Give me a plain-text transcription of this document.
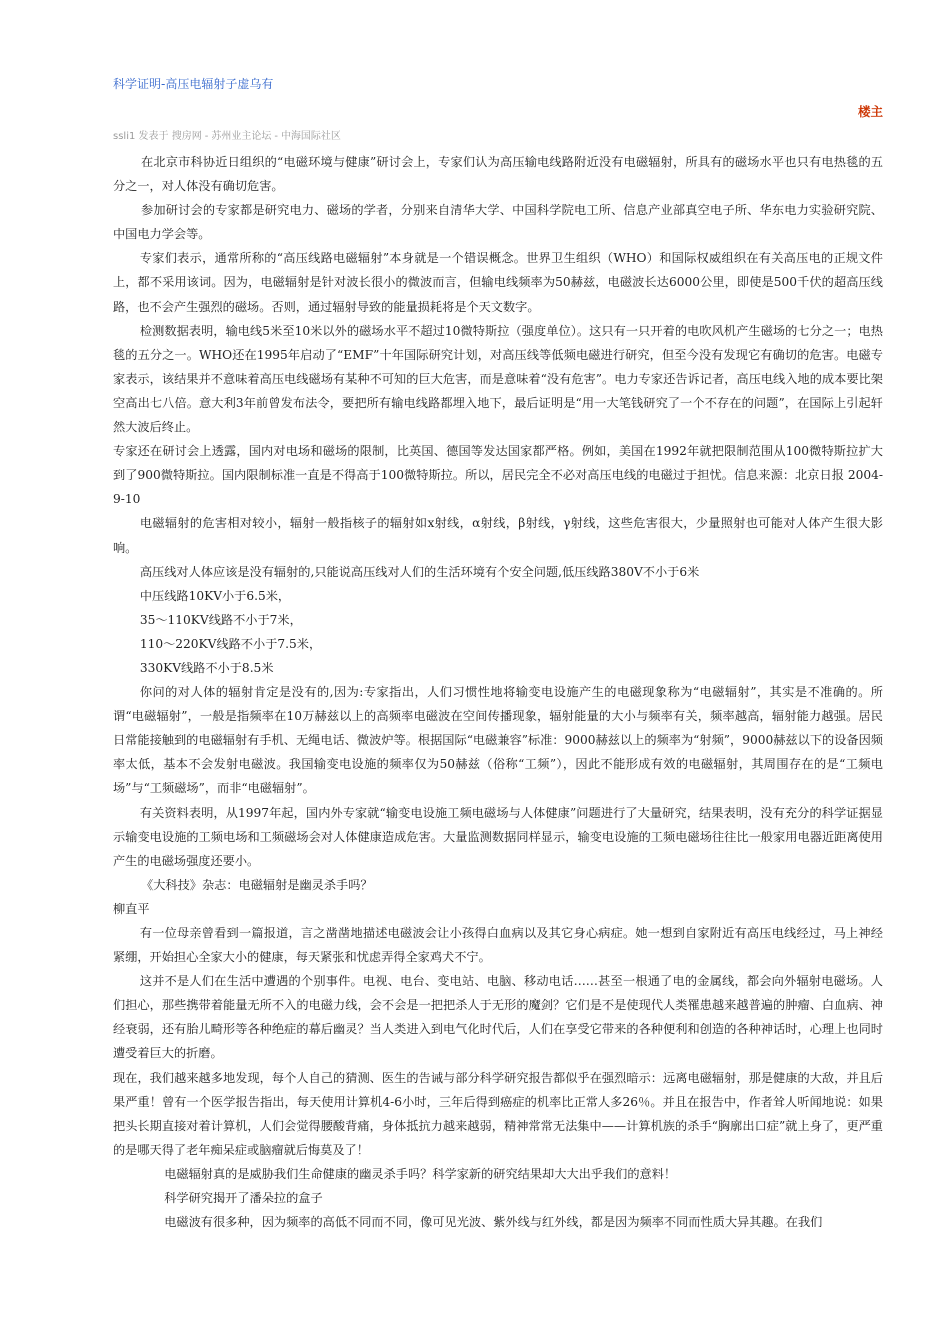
科学证明-高压电辐射子虚乌有

楼主
ssli1 发表于 搜房网 - 苏州业主论坛 - 中海国际社区

在北京市科协近日组织的“电磁环境与健康”研讨会上，专家们认为高压输电线路附近没有电磁辐射，所具有的磁场水平也只有电热毯的五分之一，对人体没有确切危害。

参加研讨会的专家都是研究电力、磁场的学者，分别来自清华大学、中国科学院电工所、信息产业部真空电子所、华东电力实验研究院、中国电力学会等。

专家们表示，通常所称的“高压线路电磁辐射”本身就是一个错误概念。世界卫生组织（WHO）和国际权威组织在有关高压电的正规文件上，都不采用该词。因为，电磁辐射是针对波长很小的微波而言，但输电线频率为50赫兹，电磁波长达6000公里，即使是500千伏的超高压线路，也不会产生强烈的磁场。否则，通过辐射导致的能量损耗将是个天文数字。

检测数据表明，输电线5米至10米以外的磁场水平不超过10微特斯拉（强度单位）。这只有一只开着的电吹风机产生磁场的七分之一；电热毯的五分之一。WHO还在1995年启动了“EMF”十年国际研究计划，对高压线等低频电磁进行研究，但至今没有发现它有确切的危害。电磁专家表示，该结果并不意味着高压电线磁场有某种不可知的巨大危害，而是意味着“没有危害”。电力专家还告诉记者，高压电线入地的成本要比架空高出七八倍。意大利3年前曾发布法令，要把所有输电线路都埋入地下，最后证明是“用一大笔钱研究了一个不存在的问题”，在国际上引起轩然大波后终止。

专家还在研讨会上透露，国内对电场和磁场的限制，比英国、德国等发达国家都严格。例如，美国在1992年就把限制范围从100微特斯拉扩大到了900微特斯拉。国内限制标准一直是不得高于100微特斯拉。所以，居民完全不必对高压电线的电磁过于担忧。信息来源：北京日报 2004-9-10

电磁辐射的危害相对较小，辐射一般指核子的辐射如x射线，α射线，β射线，γ射线，这些危害很大，少量照射也可能对人体产生很大影响。

高压线对人体应该是没有辐射的,只能说高压线对人们的生活环境有个安全问题,低压线路380V不小于6米

中压线路10KV小于6.5米，

35～110KV线路不小于7米，

110～220KV线路不小于7.5米，

330KV线路不小于8.5米

你问的对人体的辐射肯定是没有的,因为:专家指出，人们习惯性地将输变电设施产生的电磁现象称为“电磁辐射”，其实是不准确的。所谓“电磁辐射”，一般是指频率在10万赫兹以上的高频率电磁波在空间传播现象，辐射能量的大小与频率有关，频率越高，辐射能力越强。居民日常能接触到的电磁辐射有手机、无绳电话、微波炉等。根据国际“电磁兼容”标准：9000赫兹以上的频率为“射频”，9000赫兹以下的设备因频率太低，基本不会发射电磁波。我国输变电设施的频率仅为50赫兹（俗称“工频”），因此不能形成有效的电磁辐射，其周围存在的是“工频电场”与“工频磁场”，而非“电磁辐射”。

有关资料表明，从1997年起，国内外专家就“输变电设施工频电磁场与人体健康”问题进行了大量研究，结果表明，没有充分的科学证据显示输变电设施的工频电场和工频磁场会对人体健康造成危害。大量监测数据同样显示，输变电设施的工频电磁场往往比一般家用电器近距离使用产生的电磁场强度还要小。

《大科技》杂志：电磁辐射是幽灵杀手吗？

柳直平

有一位母亲曾看到一篇报道，言之凿凿地描述电磁波会让小孩得白血病以及其它身心病症。她一想到自家附近有高压电线经过，马上神经紧绷，开始担心全家大小的健康，每天紧张和忧虑弄得全家鸡犬不宁。

这并不是人们在生活中遭遇的个别事件。电视、电台、变电站、电脑、移动电话……甚至一根通了电的金属线，都会向外辐射电磁场。人们担心，那些携带着能量无所不入的电磁力线，会不会是一把把杀人于无形的魔剑？它们是不是使现代人类罹患越来越普遍的肿瘤、白血病、神经衰弱，还有胎儿畸形等各种绝症的幕后幽灵？当人类进入到电气化时代后，人们在享受它带来的各种便利和创造的各种神话时，心理上也同时遭受着巨大的折磨。

现在，我们越来越多地发现，每个人自己的猜测、医生的告诫与部分科学研究报告都似乎在强烈暗示：远离电磁辐射，那是健康的大敌，并且后果严重！曾有一个医学报告指出，每天使用计算机4-6小时，三年后得到癌症的机率比正常人多26％。并且在报告中，作者耸人听闻地说：如果把头长期直接对着计算机，人们会觉得腰酸背痛，身体抵抗力越来越弱，精神常常无法集中——计算机族的杀手“胸廓出口症”就上身了，更严重的是哪天得了老年痴呆症或脑瘤就后悔莫及了！

电磁辐射真的是威胁我们生命健康的幽灵杀手吗？科学家新的研究结果却大大出乎我们的意料！

科学研究揭开了潘朵拉的盒子

电磁波有很多种，因为频率的高低不同而不同，像可见光波、紫外线与红外线，都是因为频率不同而性质大异其趣。在我们
